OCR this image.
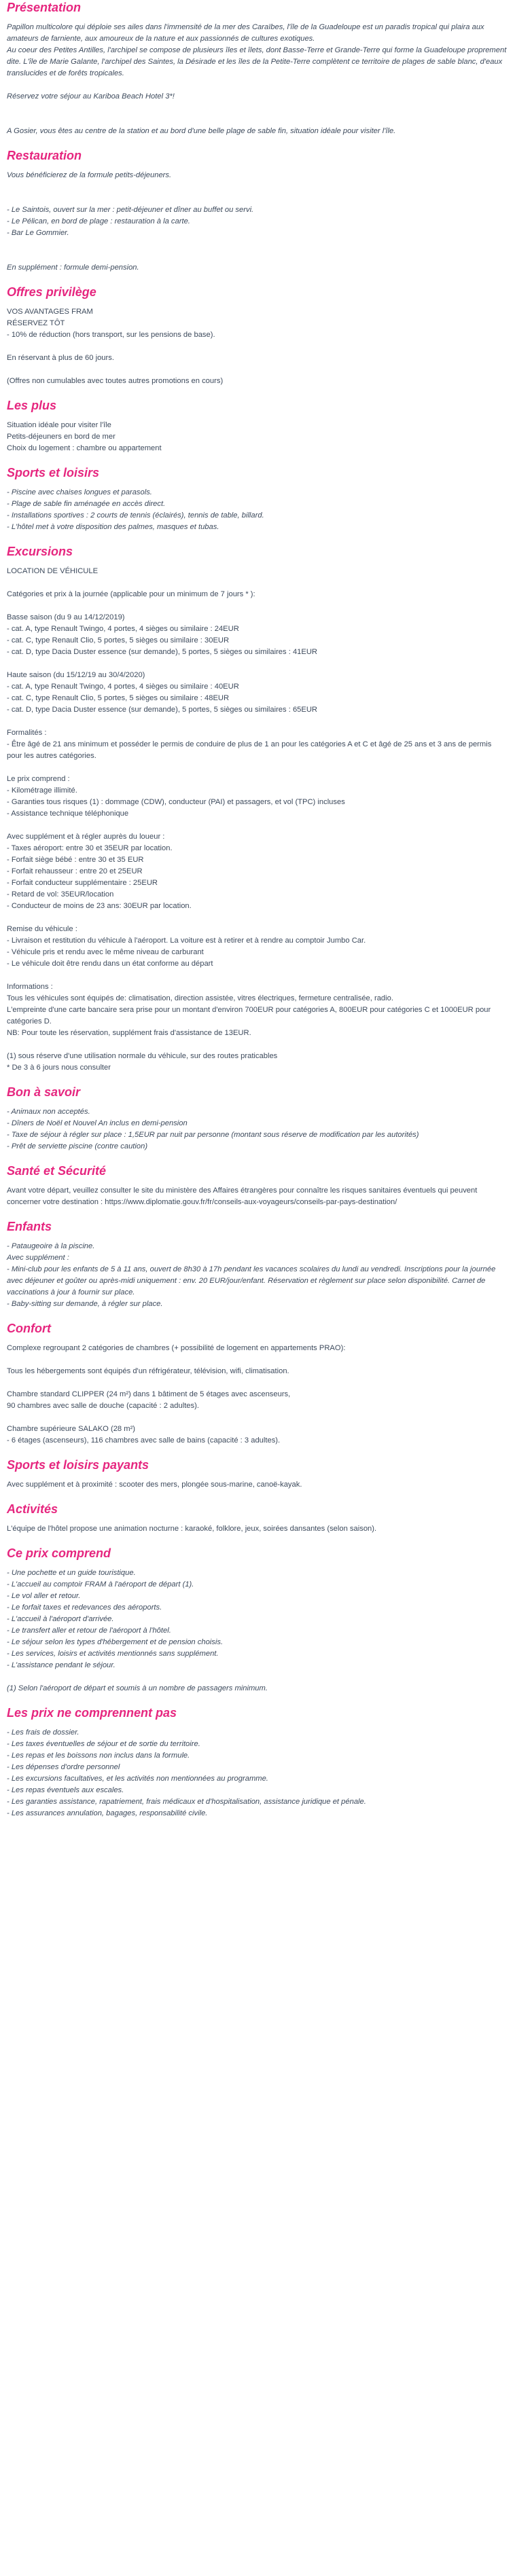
Présentation

Papillon multicolore qui déploie ses ailes dans l'immensité de la mer des Caraïbes, l'île de la Guadeloupe est un paradis tropical qui plaira aux amateurs de farniente, aux amoureux de la nature et aux passionnés de cultures exotiques.

Au coeur des Petites Antilles, l'archipel se compose de plusieurs îles et îlets, dont Basse-Terre et Grande-Terre qui forme la Guadeloupe proprement dite. L'île de Marie Galante, l'archipel des Saintes, la Désirade et les îles de la Petite-Terre complètent ce territoire de plages de sable blanc, d'eaux translucides et de forêts tropicales.

Réservez votre séjour au Kariboa Beach Hotel 3*!

A Gosier, vous êtes au centre de la station et au bord d'une belle plage de sable fin, situation idéale pour visiter l'île.

Restauration

Vous bénéficierez de la formule petits-déjeuners.

- Le Saintois, ouvert sur la mer : petit-déjeuner et dîner au buffet ou servi.

- Le Pélican, en bord de plage : restauration à la carte.

- Bar Le Gommier.

En supplément : formule demi-pension.

Offres privilège

VOS AVANTAGES FRAM

RÉSERVEZ TÔT

- 10% de réduction (hors transport, sur les pensions de base).

En réservant à plus de 60 jours.

(Offres non cumulables avec toutes autres promotions en cours)

Les plus

Situation idéale pour visiter l'île

Petits-déjeuners en bord de mer

Choix du logement : chambre ou appartement

Sports et loisirs

- Piscine avec chaises longues et parasols.

- Plage de sable fin aménagée en accès direct.

- Installations sportives : 2 courts de tennis (éclairés), tennis de table, billard.

- L'hôtel met à votre disposition des palmes, masques et tubas.

Excursions

LOCATION DE VÉHICULE

Catégories et prix à la journée (applicable pour un minimum de 7 jours * ):

Basse saison (du 9 au 14/12/2019)

- cat. A, type Renault Twingo, 4 portes, 4 sièges ou similaire : 24EUR

- cat. C, type Renault Clio, 5 portes, 5 sièges ou similaire : 30EUR

- cat. D, type Dacia Duster essence (sur demande), 5 portes, 5 sièges ou similaires : 41EUR

Haute saison (du 15/12/19 au 30/4/2020)

- cat. A, type Renault Twingo, 4 portes, 4 sièges ou similaire : 40EUR

- cat. C, type Renault Clio, 5 portes, 5 sièges ou similaire : 48EUR

- cat. D, type Dacia Duster essence (sur demande), 5 portes, 5 sièges ou similaires : 65EUR

Formalités :

- Être âgé de 21 ans minimum et posséder le permis de conduire de plus de 1 an pour les catégories A et C et âgé de 25 ans et 3 ans de permis pour les autres catégories.

Le prix comprend :

- Kilométrage illimité.

- Garanties tous risques (1) : dommage (CDW), conducteur (PAI) et passagers, et vol (TPC) incluses

- Assistance technique téléphonique

Avec supplément et à régler auprès du loueur :

- Taxes aéroport: entre 30 et 35EUR par location.

- Forfait siège bébé : entre 30 et 35 EUR

- Forfait rehausseur : entre 20 et 25EUR

- Forfait conducteur supplémentaire : 25EUR

- Retard de vol: 35EUR/location

- Conducteur de moins de 23 ans: 30EUR par location.

Remise du véhicule :

- Livraison et restitution du véhicule à l'aéroport. La voiture est à retirer et à rendre au comptoir Jumbo Car.

- Véhicule pris et rendu avec le même niveau de carburant

- Le véhicule doit être rendu dans un état conforme au départ

Informations :

Tous les véhicules sont équipés de: climatisation, direction assistée, vitres électriques, fermeture centralisée, radio.

L'empreinte d'une carte bancaire sera prise pour un montant d'environ 700EUR pour catégories A, 800EUR pour catégories C et 1000EUR pour catégories D.

NB: Pour toute les réservation, supplément frais d'assistance de 13EUR.

(1) sous réserve d'une utilisation normale du véhicule, sur des routes praticables

* De 3 à 6 jours nous consulter

Bon à savoir

- Animaux non acceptés.

- Dîners de Noël et Nouvel An inclus en demi-pension

- Taxe de séjour à régler sur place : 1,5EUR par nuit par personne (montant sous réserve de modification par les autorités)

- Prêt de serviette piscine (contre caution)

Santé et Sécurité

Avant votre départ, veuillez consulter le site du ministère des Affaires étrangères pour connaître les risques sanitaires éventuels qui peuvent concerner votre destination : https://www.diplomatie.gouv.fr/fr/conseils-aux-voyageurs/conseils-par-pays-destination/

Enfants

- Pataugeoire à la piscine.

Avec supplément :

- Mini-club pour les enfants de 5 à 11 ans, ouvert de 8h30 à 17h pendant les vacances scolaires du lundi au vendredi. Inscriptions pour la journée avec déjeuner et goûter ou après-midi uniquement : env. 20 EUR/jour/enfant. Réservation et règlement sur place selon disponibilité. Carnet de vaccinations à jour à fournir sur place.

- Baby-sitting sur demande, à régler sur place.

Confort

Complexe regroupant 2 catégories de chambres (+ possibilité de logement en appartements PRAO):

Tous les hébergements sont équipés d'un réfrigérateur, télévision, wifi, climatisation.

Chambre standard CLIPPER (24 m²) dans 1 bâtiment de 5 étages avec ascenseurs,

90 chambres avec salle de douche (capacité : 2 adultes).

Chambre supérieure SALAKO (28 m²)

- 6 étages (ascenseurs), 116 chambres avec salle de bains (capacité : 3 adultes).

Sports et loisirs payants

Avec supplément et à proximité : scooter des mers, plongée sous-marine, canoë-kayak.

Activités

L'équipe de l'hôtel propose une animation nocturne : karaoké, folklore, jeux, soirées dansantes (selon saison).

Ce prix comprend

- Une pochette et un guide touristique.

- L'accueil au comptoir FRAM à l'aéroport de départ (1).

- Le vol aller et retour.

- Le forfait taxes et redevances des aéroports.

- L'accueil à l'aéroport d'arrivée.

- Le transfert aller et retour de l'aéroport à l'hôtel.

- Le séjour selon les types d'hébergement et de pension choisis.

- Les services, loisirs et activités mentionnés sans supplément.

- L'assistance pendant le séjour.

(1) Selon l'aéroport de départ et soumis à un nombre de passagers minimum.

Les prix ne comprennent pas

- Les frais de dossier.

- Les taxes éventuelles de séjour et de sortie du territoire.

- Les repas et les boissons non inclus dans la formule.

- Les dépenses d'ordre personnel

- Les excursions facultatives, et les activités non mentionnées au programme.

- Les repas éventuels aux escales.

- Les garanties assistance, rapatriement, frais médicaux et d'hospitalisation, assistance juridique et pénale.

- Les assurances annulation, bagages, responsabilité civile.
